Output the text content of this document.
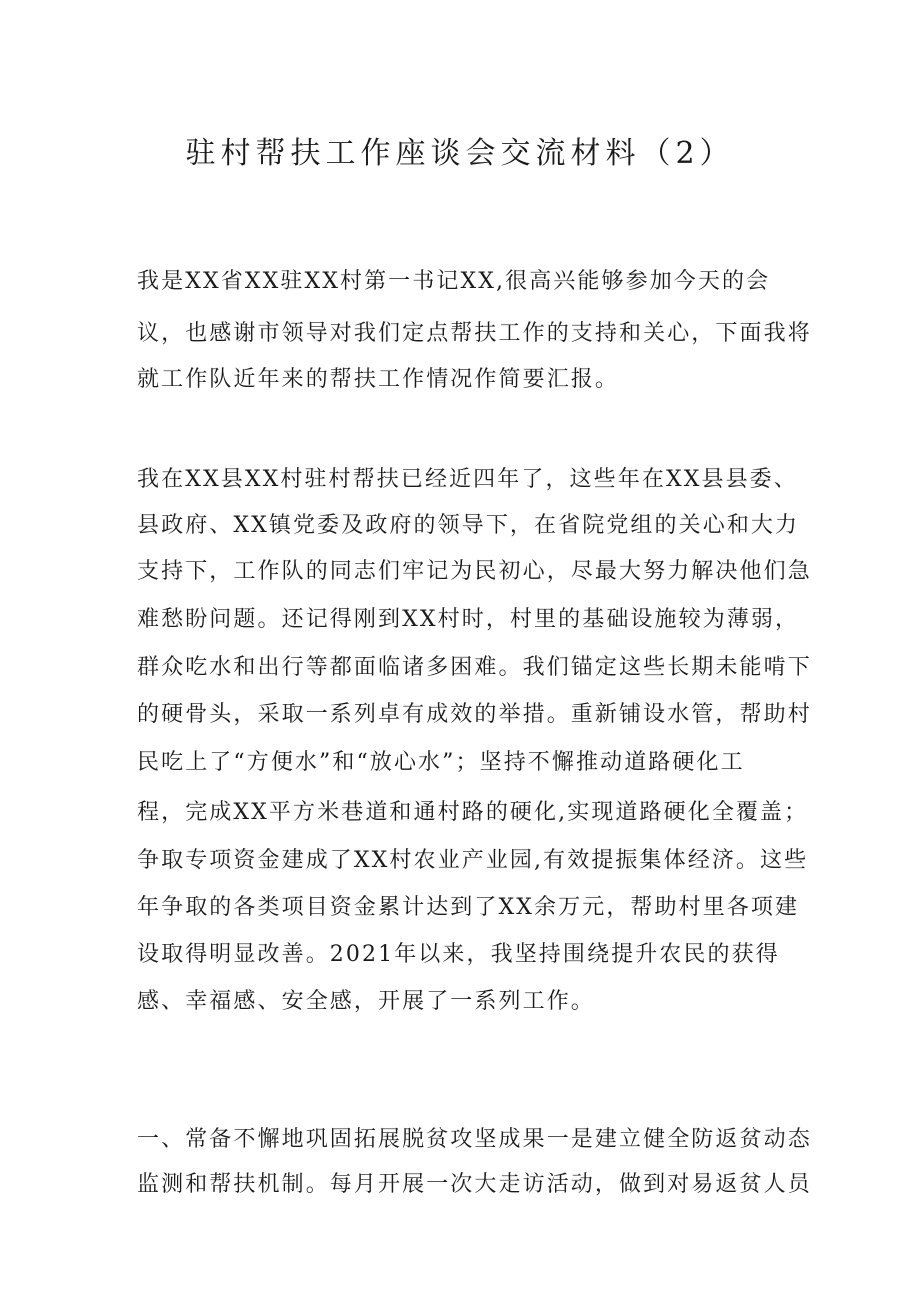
驻村帮扶工作座谈会交流材料（2）
我是XX省XX驻XX村第一书记XX,很高兴能够参加今天的会
议，也感谢市领导对我们定点帮扶工作的支持和关心，下面我将
就工作队近年来的帮扶工作情况作简要汇报。
我在XX县XX村驻村帮扶已经近四年了，这些年在XX县县委、
县政府、XX镇党委及政府的领导下，在省院党组的关心和大力
支持下，工作队的同志们牢记为民初心，尽最大努力解决他们急
难愁盼问题。还记得刚到XX村时，村里的基础设施较为薄弱，
群众吃水和出行等都面临诸多困难。我们锚定这些长期未能啃下
的硬骨头，采取一系列卓有成效的举措。重新铺设水管，帮助村
民吃上了“方便水”和“放心水”；坚持不懈推动道路硬化工
程，完成XX平方米巷道和通村路的硬化,实现道路硬化全覆盖；
争取专项资金建成了XX村农业产业园,有效提振集体经济。这些
年争取的各类项目资金累计达到了XX余万元，帮助村里各项建
设取得明显改善。2021年以来，我坚持围绕提升农民的获得
感、幸福感、安全感，开展了一系列工作。
一、常备不懈地巩固拓展脱贫攻坚成果一是建立健全防返贫动态
监测和帮扶机制。每月开展一次大走访活动，做到对易返贫人员
